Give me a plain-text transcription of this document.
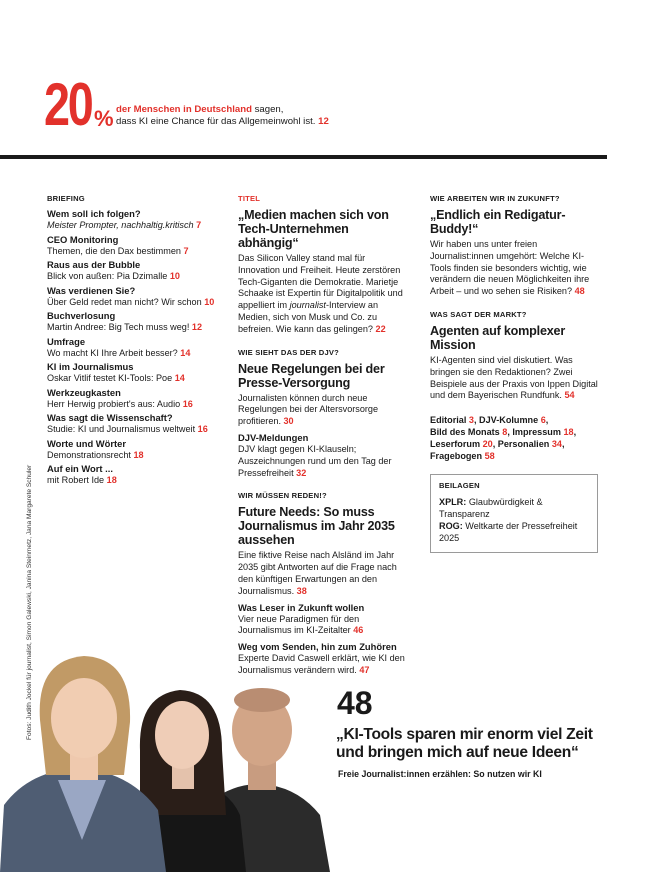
20 % der Menschen in Deutschland sagen,
dass KI eine Chance für das Allgemeinwohl ist. 12
BRIEFING
Wem soll ich folgen?
Meister Prompter, nachhaltig.kritisch 7
CEO Monitoring
Themen, die den Dax bestimmen 7
Raus aus der Bubble
Blick von außen: Pia Dzimalle 10
Was verdienen Sie?
Über Geld redet man nicht? Wir schon 10
Buchverlosung
Martin Andree: Big Tech muss weg! 12
Umfrage
Wo macht KI Ihre Arbeit besser? 14
KI im Journalismus
Oskar Vitlif testet KI-Tools: Poe 14
Werkzeugkasten
Herr Herwig probiert's aus: Audio 16
Was sagt die Wissenschaft?
Studie: KI und Journalismus weltweit 16
Worte und Wörter
Demonstrationsrecht 18
Auf ein Wort ...
mit Robert Ide 18
TITEL
„Medien machen sich von Tech-Unternehmen abhängig“
Das Silicon Valley stand mal für Innovation und Freiheit. Heute zerstören Tech-Giganten die Demokratie. Marietje Schaake ist Expertin für Digitalpolitik und appelliert im journalist-Interview an Medien, sich von Musk und Co. zu befreien. Wie kann das gelingen? 22
WIE SIEHT DAS DER DJV?
Neue Regelungen bei der Presse-Versorgung
Journalisten können durch neue Regelungen bei der Altersvorsorge profitieren. 30
DJV-Meldungen
DJV klagt gegen KI-Klauseln; Auszeichnungen rund um den Tag der Pressefreiheit 32
WIR MÜSSEN REDEN!?
Future Needs: So muss Journalismus im Jahr 2035 aussehen
Eine fiktive Reise nach Alsländ im Jahr 2035 gibt Antworten auf die Frage nach den künftigen Erwartungen an den Journalismus. 38
Was Leser in Zukunft wollen
Vier neue Paradigmen für den Journalismus im KI-Zeitalter 46
Weg vom Senden, hin zum Zuhören
Experte David Caswell erklärt, wie KI den Journalismus verändern wird. 47
WIE ARBEITEN WIR IN ZUKUNFT?
„Endlich ein Redigatur-Buddy!“
Wir haben uns unter freien Journalist:innen umgehört: Welche KI-Tools finden sie besonders wichtig, wie verändern die neuen Möglichkeiten ihre Arbeit – und wo sehen sie Risiken? 48
WAS SAGT DER MARKT?
Agenten auf komplexer Mission
KI-Agenten sind viel diskutiert. Was bringen sie den Redaktionen? Zwei Beispiele aus der Praxis von Ippen Digital und dem Bayerischen Rundfunk. 54
Editorial 3, DJV-Kolumne 6,
Bild des Monats 8, Impressum 18,
Leserforum 20, Personalien 34,
Fragebogen 58
BEILAGEN
XPLR: Glaubwürdigkeit & Transparenz
ROG: Weltkarte der Pressefreiheit 2025
Fotos: Judith Jockel für journalist, Simon Galewski, Janina Steinmetz, Jana Margarete Schuler	48
„KI-Tools sparen mir enorm viel Zeit und bringen mich auf neue Ideen“
Freie Journalist:innen erzählen: So nutzen wir KI
